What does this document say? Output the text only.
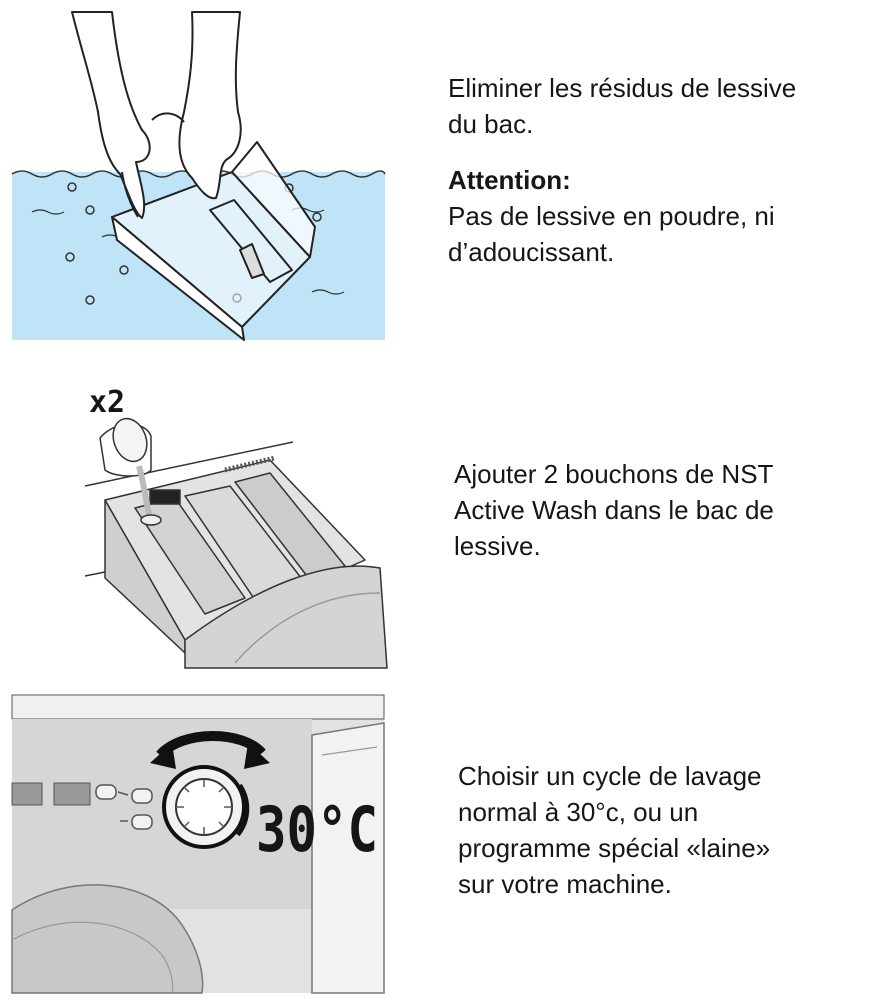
Eliminer les résidus de lessive

du bac.

Attention:

Pas de lessive en poudre, ni

d’adoucissant.

x2

Ajouter 2 bouchons de NST

Active Wash dans le bac de

lessive.

30°C

Choisir un cycle de lavage

normal à 30°c, ou un

programme spécial «laine»

sur votre machine.
